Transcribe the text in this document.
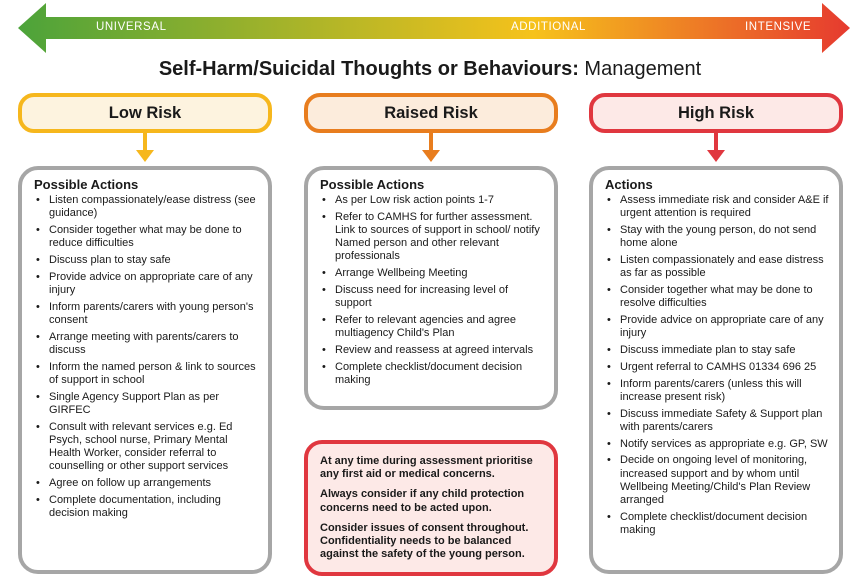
UNIVERSAL	ADDITIONAL	INTENSIVE
Self-Harm/Suicidal Thoughts or Behaviours: Management
Low Risk	Raised Risk	High Risk
Possible Actions
• Listen compassionately/ease distress (see guidance)
• Consider together what may be done to reduce difficulties
• Discuss plan to stay safe
• Provide advice on appropriate care of any injury
• Inform parents/carers with young person's consent
• Arrange meeting with parents/carers to discuss
• Inform the named person & link to sources of support in school
• Single Agency Support Plan as per GIRFEC
• Consult with relevant services e.g. Ed Psych, school nurse, Primary Mental Health Worker, consider referral to counselling or other support services
• Agree on follow up arrangements
• Complete documentation, including decision making
Possible Actions
• As per Low risk action points 1-7
• Refer to CAMHS for further assessment. Link to sources of support in school/ notify Named person and other relevant professionals
• Arrange Wellbeing Meeting
• Discuss need for increasing level of support
• Refer to relevant agencies and agree multiagency Child's Plan
• Review and reassess at agreed intervals
• Complete checklist/document decision making
Actions
• Assess immediate risk and consider A&E if urgent attention is required
• Stay with the young person, do not send home alone
• Listen compassionately and ease distress as far as possible
• Consider together what may be done to resolve difficulties
• Provide advice on appropriate care of any injury
• Discuss immediate plan to stay safe
• Urgent referral to CAMHS 01334 696 25
• Inform parents/carers (unless this will increase present risk)
• Discuss immediate Safety & Support plan with parents/carers
• Notify services as appropriate e.g. GP, SW
• Decide on ongoing level of monitoring, increased support and by whom until Wellbeing Meeting/Child's Plan Review arranged
• Complete checklist/document decision making

At any time during assessment prioritise any first aid or medical concerns.

Always consider if any child protection concerns need to be acted upon.

Consider issues of consent throughout. Confidentiality needs to be balanced against the safety of the young person.
